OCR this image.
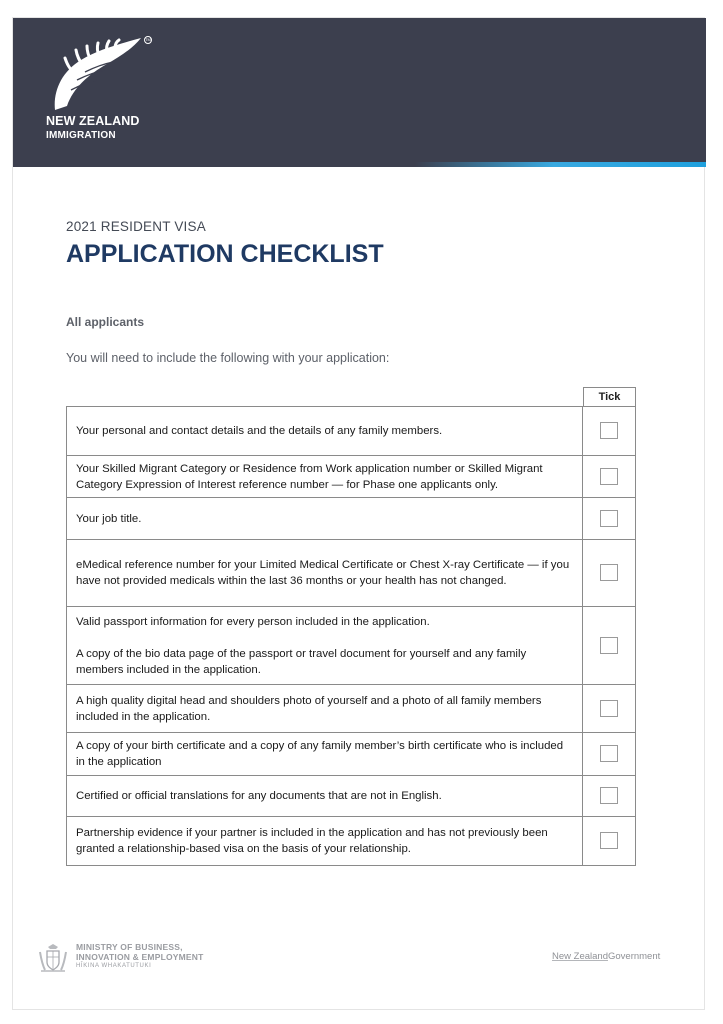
TM
NEW ZEALAND
IMMIGRATION
2021 RESIDENT VISA
APPLICATION CHECKLIST
All applicants
You will need to include the following with your application:
Tick
Your personal and contact details and the details of any family members.	
Your Skilled Migrant Category or Residence from Work application number or Skilled Migrant Category Expression of Interest reference number — for Phase one applicants only.	
Your job title.	
eMedical reference number for your Limited Medical Certificate or Chest X-ray Certificate — if you have not provided medicals within the last 36 months or your health has not changed.	
Valid passport information for every person included in the application.
A copy of the bio data page of the passport or travel document for yourself and any family members included in the application.	
A high quality digital head and shoulders photo of yourself and a photo of all family members included in the application.	
A copy of your birth certificate and a copy of any family member’s birth certificate who is included in the application	
Certified or official translations for any documents that are not in English.	
Partnership evidence if your partner is included in the application and has not previously been granted a relationship-based visa on the basis of your relationship.	
MINISTRY OF BUSINESS,
INNOVATION & EMPLOYMENT
HĪKINA WHAKATUTUKI
New ZealandGovernment
